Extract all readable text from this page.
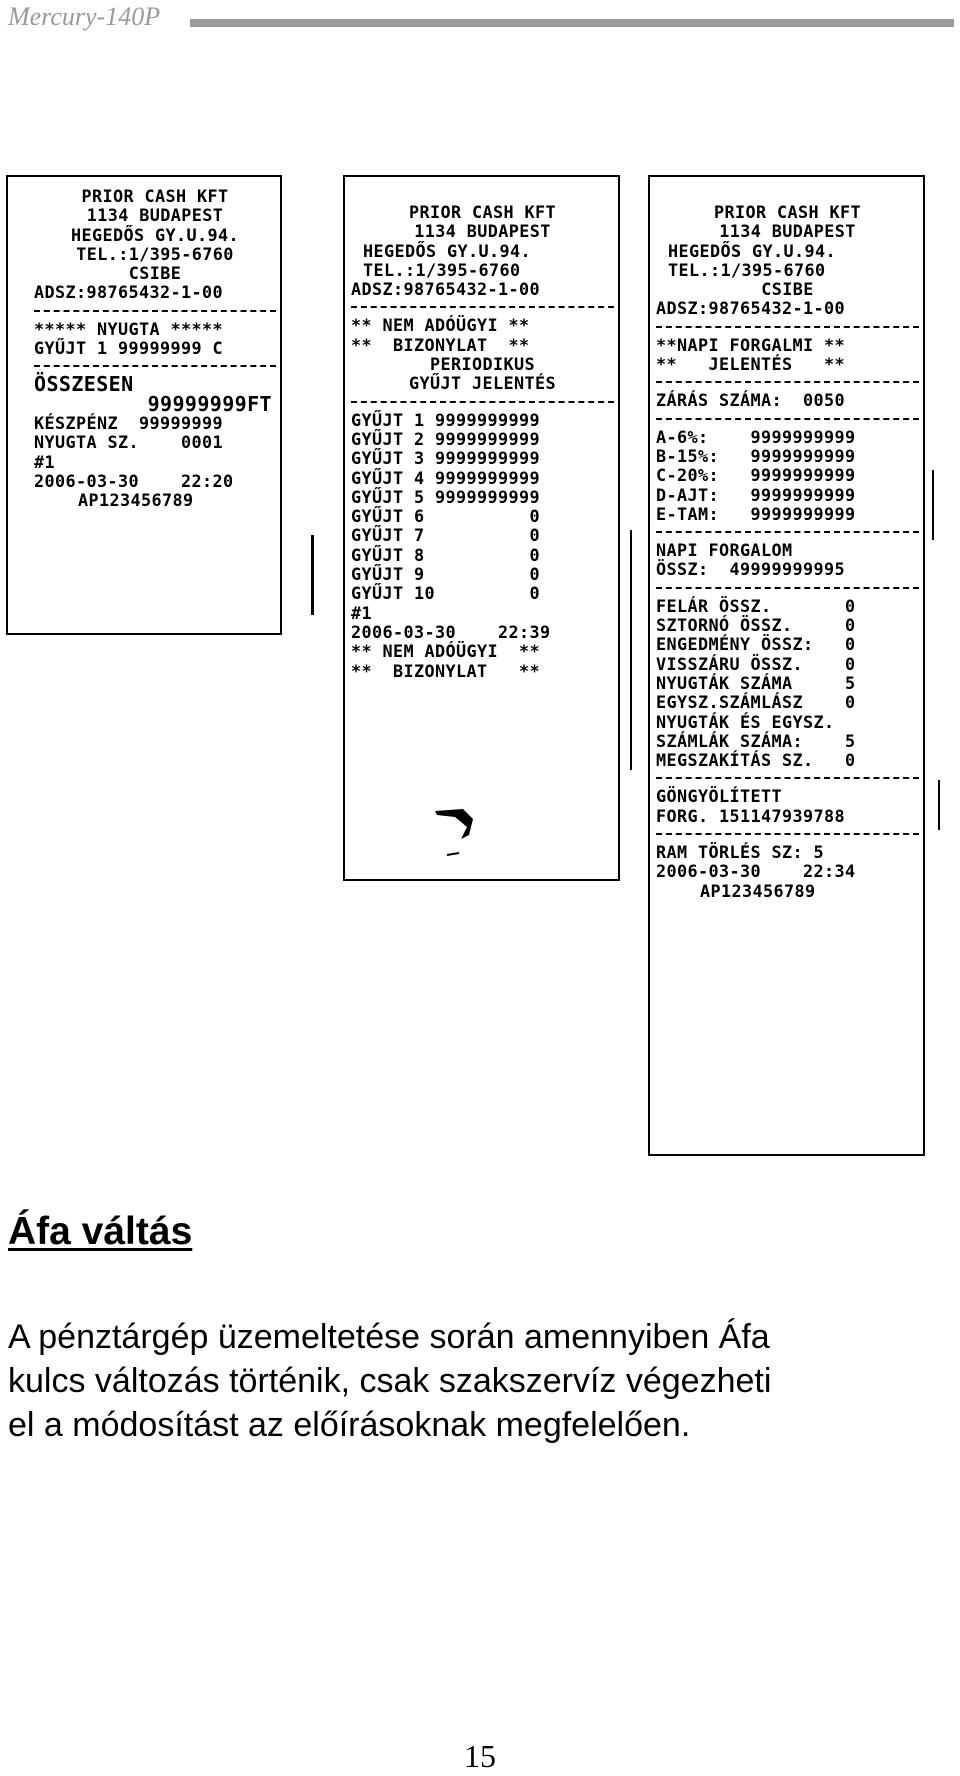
Mercury-140P
PRIOR CASH KFT
1134 BUDAPEST
HEGEDŐS GY.U.94.
TEL.:1/395-6760
CSIBE
ADSZ:98765432-1-00
***** NYUGTA *****
GYŰJT 1 99999999 C
ÖSSZESEN
99999999FT
KÉSZPÉNZ  99999999
NYUGTA SZ.    0001
#1
2006-03-30    22:20
AP123456789
PRIOR CASH KFT
1134 BUDAPEST
HEGEDŐS GY.U.94.
TEL.:1/395-6760
ADSZ:98765432-1-00
** NEM ADÓÜGYI **
**  BIZONYLAT  **
PERIODIKUS
GYŰJT JELENTÉS
GYŰJT 1 9999999999
GYŰJT 2 9999999999
GYŰJT 3 9999999999
GYŰJT 4 9999999999
GYŰJT 5 9999999999
GYŰJT 6          0
GYŰJT 7          0
GYŰJT 8          0
GYŰJT 9          0
GYŰJT 10         0
#1
2006-03-30    22:39
** NEM ADÓÜGYI  **
**  BIZONYLAT   **
PRIOR CASH KFT
1134 BUDAPEST
HEGEDŐS GY.U.94.
TEL.:1/395-6760
CSIBE
ADSZ:98765432-1-00
**NAPI FORGALMI **
**   JELENTÉS   **
ZÁRÁS SZÁMA:  0050
A-6%:    9999999999
B-15%:   9999999999
C-20%:   9999999999
D-AJT:   9999999999
E-TAM:   9999999999
NAPI FORGALOM
ÖSSZ:  49999999995
FELÁR ÖSSZ.       0
SZTORNÓ ÖSSZ.     0
ENGEDMÉNY ÖSSZ:   0
VISSZÁRU ÖSSZ.    0
NYUGTÁK SZÁMA     5
EGYSZ.SZÁMLÁSZ    0
NYUGTÁK ÉS EGYSZ.
SZÁMLÁK SZÁMA:    5
MEGSZAKÍTÁS SZ.   0
GÖNGYÖLÍTETT
FORG. 151147939788
RAM TÖRLÉS SZ: 5
2006-03-30    22:34
AP123456789
Áfa váltás
A pénztárgép üzemeltetése során amennyiben Áfa
kulcs változás történik, csak szakszervíz végezheti
el a módosítást az előírásoknak megfelelően.
15
